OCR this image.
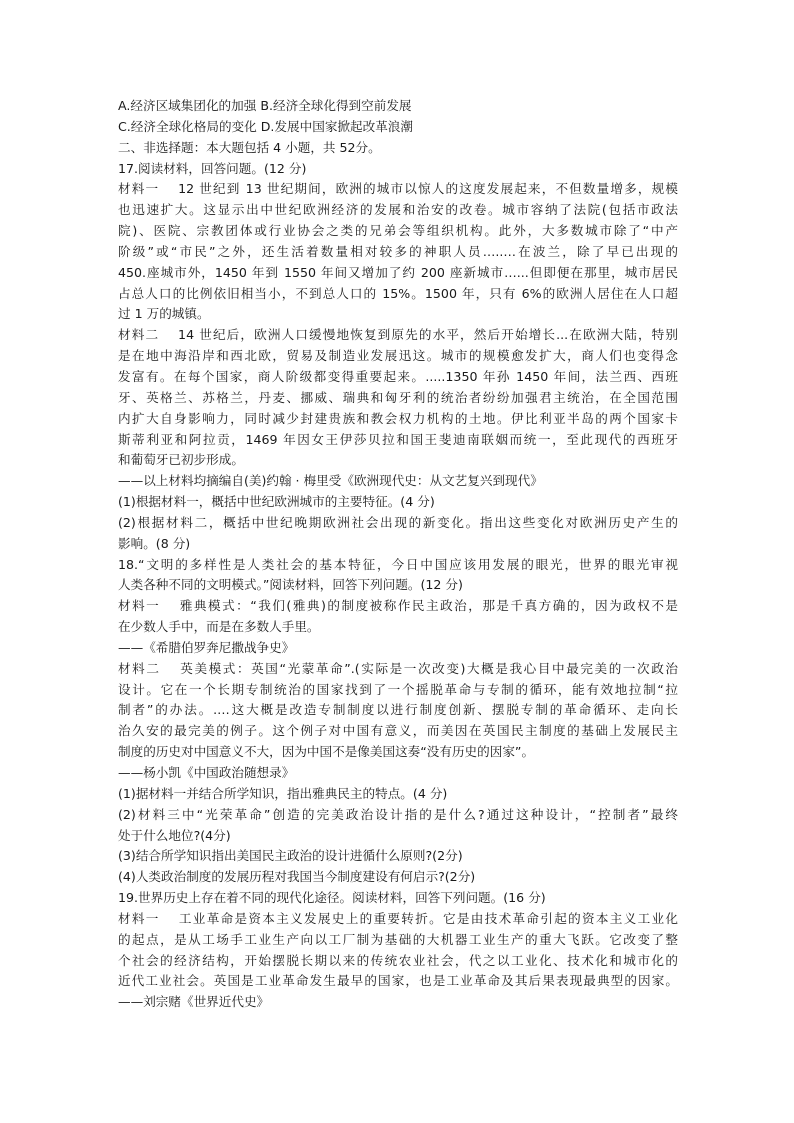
A.经济区域集团化的加强 B.经济全球化得到空前发展
C.经济全球化格局的变化 D.发展中国家掀起改革浪潮
二、非选择题：本大题包括 4 小题，共 52分。
17.阅读材料，回答问题。(12 分)
材料一　 12 世纪到 13 世纪期间，欧洲的城市以惊人的这度发展起来，不但数量增多，规模
也迅速扩大。这显示出中世纪欧洲经济的发展和治安的改卷。城市容纳了法院(包括市政法
院)、医院、宗教团体或行业协会之类的兄弟会等组织机构。此外，大多数城市除了“中产
阶级”或“市民”之外，还生活着数量相对较多的神职人员…..…在波兰，除了早已出现的
450.座城市外，1450 年到 1550 年间又增加了约 200 座新城市…...但即便在那里，城市居民
占总人口的比例依旧相当小，不到总人口的 15%。1500 年，只有 6%的欧洲人居住在人口超
过 1 万的城镇。
材料二　 14 世纪后，欧洲人口缓慢地恢复到原先的水平，然后开始增长...在欧洲大陆，特别
是在地中海沿岸和西北欧，贸易及制造业发展迅这。城市的规模愈发扩大，商人们也变得念
发富有。在每个国家，商人阶级都变得重要起来。.....1350 年孙 1450 年间，法兰西、西班
牙、英格兰、苏格兰，丹麦、挪威、瑞典和匈牙利的统治者纷纷加强君主统治，在全国范围
内扩大自身影响力，同时减少封建贵族和教会权力机构的土地。伊比利亚半岛的两个国家卡
斯蒂利亚和阿拉贡，1469 年因女王伊莎贝拉和国王斐迪南联姻而统一，至此现代的西班牙
和葡萄牙已初步形成。
——以上材料均摘编自(美)约翰 · 梅里受《欧洲现代史：从文艺复兴到现代》
(1)根据材料一，概括中世纪欧洲城市的主要特征。(4 分)
(2)根据材料二，概括中世纪晚期欧洲社会出现的新变化。指出这些变化对欧洲历史产生的
影响。(8 分)
18.“文明的多样性是人类社会的基本特征，今日中国应该用发展的眼光，世界的眼光审视
人类各种不同的文明模式。”阅读材料，回答下列问题。(12 分)
材料一　 雅典模式：“我们(雅典)的制度被称作民主政治，那是千真方确的，因为政权不是
在少数人手中，而是在多数人手里。
——《希腊伯罗奔尼撒战争史》
材料二　 英美模式：英国“光蒙革命”.(实际是一次改变)大概是我心目中最完美的一次政治
设计。它在一个长期专制统治的国家找到了一个摇脱革命与专制的循环，能有效地拉制“拉
制者”的办法。.…这大概是改造专制制度以进行制度创新、摆脱专制的革命循环、走向长
治久安的最完美的例子。这个例子对中国有意义，而美因在英国民主制度的基础上发展民主
制度的历史对中国意义不大，因为中国不是像美国这奏“没有历史的因家”。
——杨小凯《中国政治随想录》
(1)据材料一并结合所学知识，指出雅典民主的特点。(4 分)
(2)材料三中“光荣革命”创造的完美政治设计指的是什么?通过这种设计，“控制者”最终
处于什么地位?(4分)
(3)结合所学知识指出美国民主政治的设计进循什么原则?(2分)
(4)人类政治制度的发展历程对我国当今制度建设有何启示?(2分)
19.世界历史上存在着不同的现代化途径。阅读材料，回答下列问题。(16 分)
材料一　 工业革命是资本主义发展史上的重要转折。它是由技术革命引起的资本主义工业化
的起点，是从工场手工业生产向以工厂制为基础的大机器工业生产的重大飞跃。它改变了整
个社会的经济结构，开始摆脱长期以来的传统农业社会，代之以工业化、技术化和城市化的
近代工业社会。英国是工业革命发生最早的国家，也是工业革命及其后果表现最典型的因家。
——刘宗赌《世界近代史》
